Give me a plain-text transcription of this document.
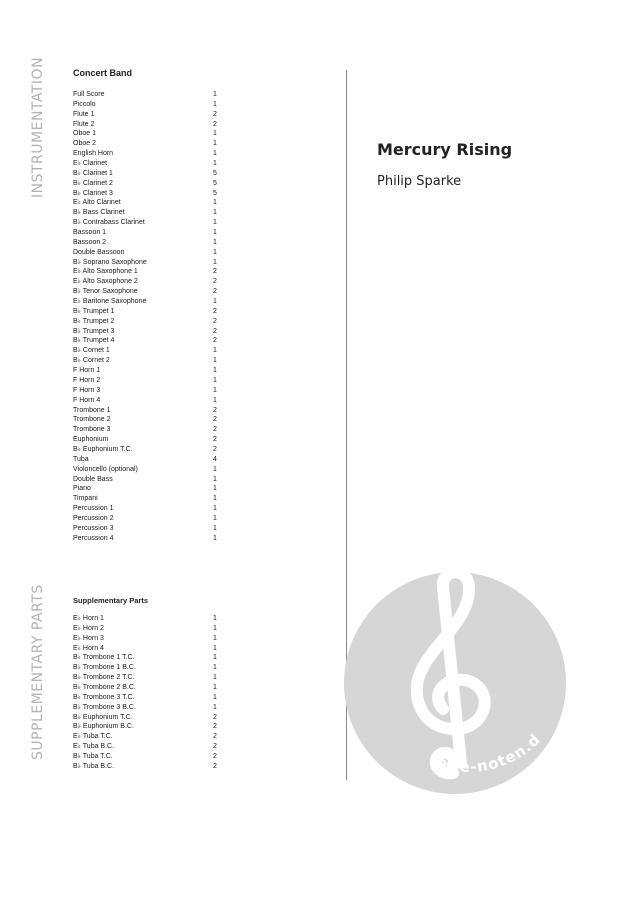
INSTRUMENTATION
SUPPLEMENTARY PARTS
Concert Band
Full Score	1
Piccolo	1
Flute 1	2
Flute 2	2
Oboe 1	1
Oboe 2	1
English Horn	1
E♭ Clarinet	1
B♭ Clarinet 1	5
B♭ Clarinet 2	5
B♭ Clarinet 3	5
E♭ Alto Clarinet	1
B♭ Bass Clarinet	1
B♭ Contrabass Clarinet	1
Bassoon 1	1
Bassoon 2	1
Double Bassoon	1
B♭ Soprano Saxophone	1
E♭ Alto Saxophone 1	2
E♭ Alto Saxophone 2	2
B♭ Tenor Saxophone	2
E♭ Baritone Saxophone	1
B♭ Trumpet 1	2
B♭ Trumpet 2	2
B♭ Trumpet 3	2
B♭ Trumpet 4	2
B♭ Cornet 1	1
B♭ Cornet 2	1
F Horn 1	1
F Horn 2	1
F Horn 3	1
F Horn 4	1
Trombone 1	2
Trombone 2	2
Trombone 3	2
Euphonium	2
B♭ Euphonium T.C.	2
Tuba	4
Violoncello (optional)	1
Double Bass	1
Piano	1
Timpani	1
Percussion 1	1
Percussion 2	1
Percussion 3	1
Percussion 4	1
Supplementary Parts
E♭ Horn 1	1
E♭ Horn 2	1
E♭ Horn 3	1
E♭ Horn 4	1
B♭ Trombone 1 T.C.	1
B♭ Trombone 1 B.C.	1
B♭ Trombone 2 T.C.	1
B♭ Trombone 2 B.C.	1
B♭ Trombone 3 T.C.	1
B♭ Trombone 3 B.C.	1
B♭ Euphonium T.C.	2
B♭ Euphonium B.C.	2
E♭ Tuba T.C.	2
E♭ Tuba B.C.	2
B♭ Tuba T.C.	2
B♭ Tuba B.C.	2
Mercury Rising
Philip Sparke
alle-noten.d
